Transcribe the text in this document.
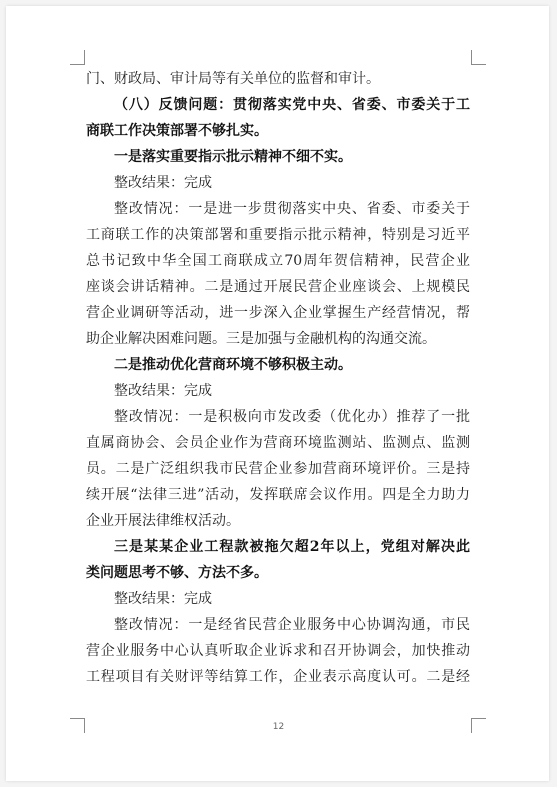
门、财政局、审计局等有关单位的监督和审计。
（八）反馈问题：贯彻落实党中央、省委、市委关于工
商联工作决策部署不够扎实。
一是落实重要指示批示精神不细不实。
整改结果：完成
整改情况：一是进一步贯彻落实中央、省委、市委关于
工商联工作的决策部署和重要指示批示精神，特别是习近平
总书记致中华全国工商联成立70周年贺信精神，民营企业
座谈会讲话精神。二是通过开展民营企业座谈会、上规模民
营企业调研等活动，进一步深入企业掌握生产经营情况，帮
助企业解决困难问题。三是加强与金融机构的沟通交流。
二是推动优化营商环境不够积极主动。
整改结果：完成
整改情况：一是积极向市发改委（优化办）推荐了一批
直属商协会、会员企业作为营商环境监测站、监测点、监测
员。二是广泛组织我市民营企业参加营商环境评价。三是持
续开展“法律三进”活动，发挥联席会议作用。四是全力助力
企业开展法律维权活动。
三是某某企业工程款被拖欠超2年以上，党组对解决此
类问题思考不够、方法不多。
整改结果：完成
整改情况：一是经省民营企业服务中心协调沟通，市民
营企业服务中心认真听取企业诉求和召开协调会，加快推动
工程项目有关财评等结算工作，企业表示高度认可。二是经
12
